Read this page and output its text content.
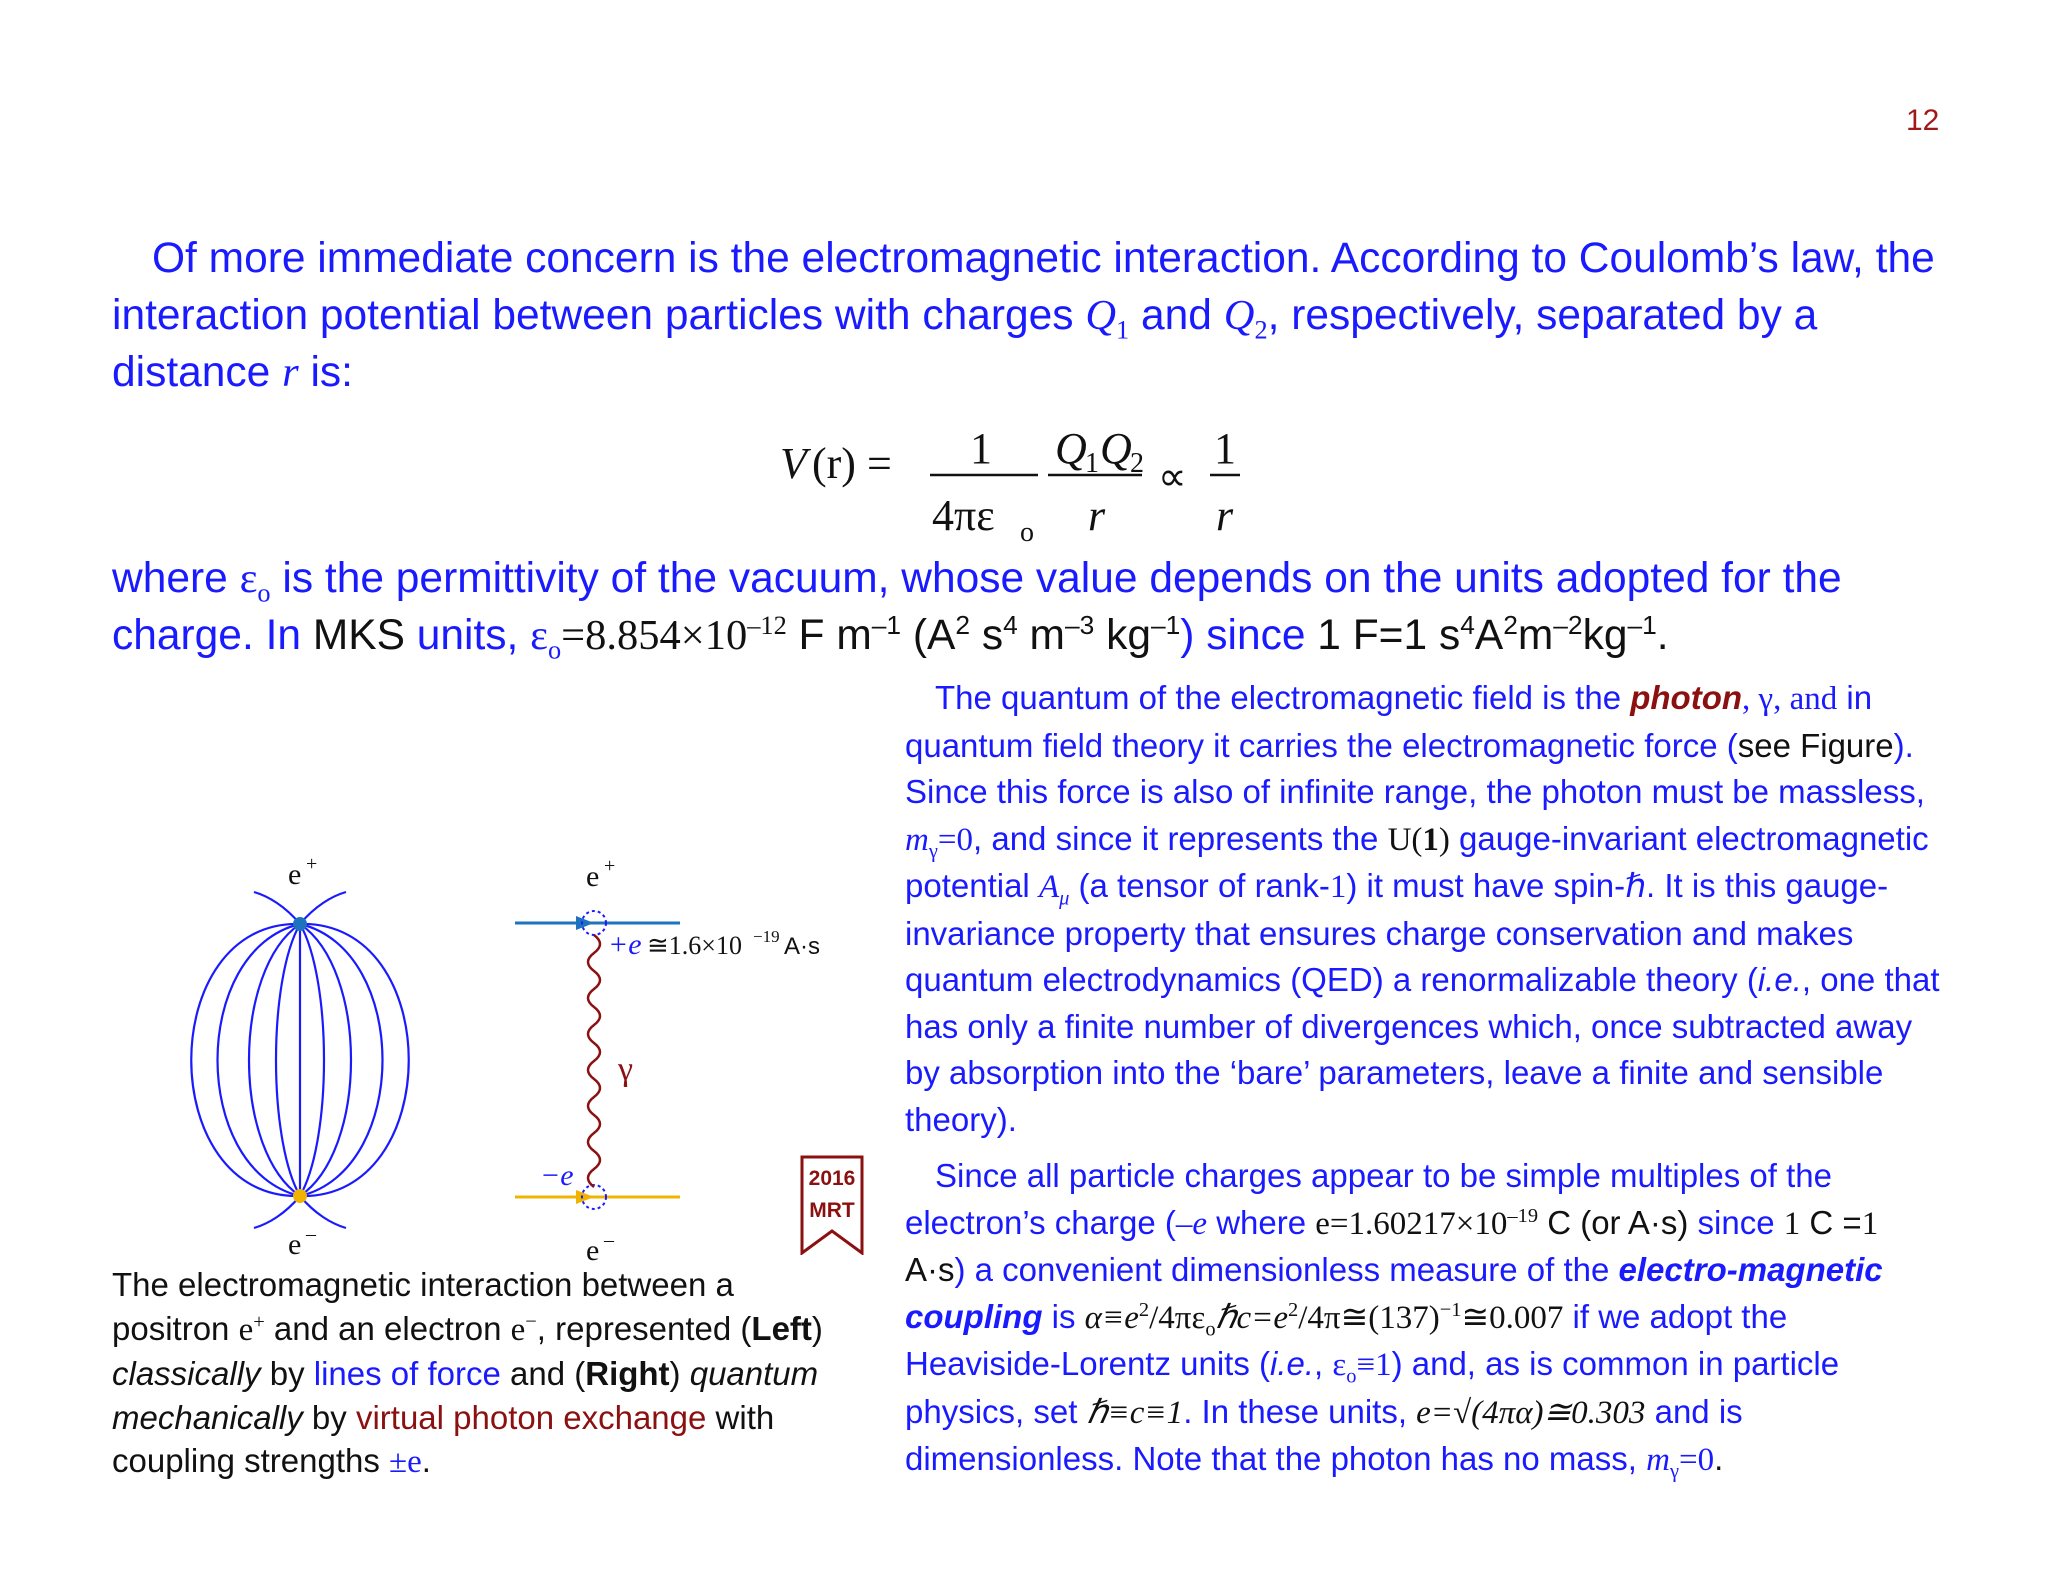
12
Of more immediate concern is the electromagnetic interaction. According to Coulomb’s law, the interaction potential between particles with charges $Q_1$ and $Q_2$, respectively, separated by a distance r is:
V (r) = 1
4πε o
Q
1 Q
2
r
∝
1
r
where $\varepsilon_o$ is the permittivity of the vacuum, whose value depends on the units adopted for the charge. In MKS units, $\varepsilon_o=8.854\times 10^{-12}$ F $m^{-1}$ ($A^2$ $s^4$ $m^{-3}$ $kg^{-1}$) since 1 F=1 $s^4A^2m^{-2}kg^{-1}$.
The quantum of the electromagnetic field is the photon, γ, and in quantum field theory it carries the electromagnetic force (see Figure). Since this force is also of infinite range, the photon must be massless, $m_\gamma=0$, and since it represents the U(1) gauge-invariant electromagnetic potential $A_\mu$ (a tensor of rank-1) it must have spin-ℏ. It is this gauge-invariance property that ensures charge conservation and makes quantum electrodynamics (QED) a renormalizable theory (i.e., one that has only a finite number of divergences which, once subtracted away by absorption into the ‘bare’ parameters, leave a finite and sensible theory).
Since all particle charges appear to be simple multiples of the electron’s charge (–e where $e=1.60217\times 10^{-19}$ C (or A·s) since 1 C =1 A·s) a convenient dimensionless measure of the electro-magnetic coupling is $\alpha\equiv e^2/4\pi\varepsilon_o\hbar c=e^2/4\pi≅(137)^{-1}≅0.007$ if we adopt the Heaviside-Lorentz units (i.e., $\varepsilon_o\equiv 1$) and, as is common in particle physics, set ℏ≡c≡1. In these units, e=√(4πα)≅0.303 and is dimensionless. Note that the photon has no mass, $m_\gamma=0$.
e +
e –
e +
e –
+e ≅1.6×10 −19 A·s
γ
−e	2016
MRT
The electromagnetic interaction between a positron e+ and an electron e−, represented (Left) classically by lines of force and (Right) quantum mechanically by virtual photon exchange with coupling strengths ±e.
